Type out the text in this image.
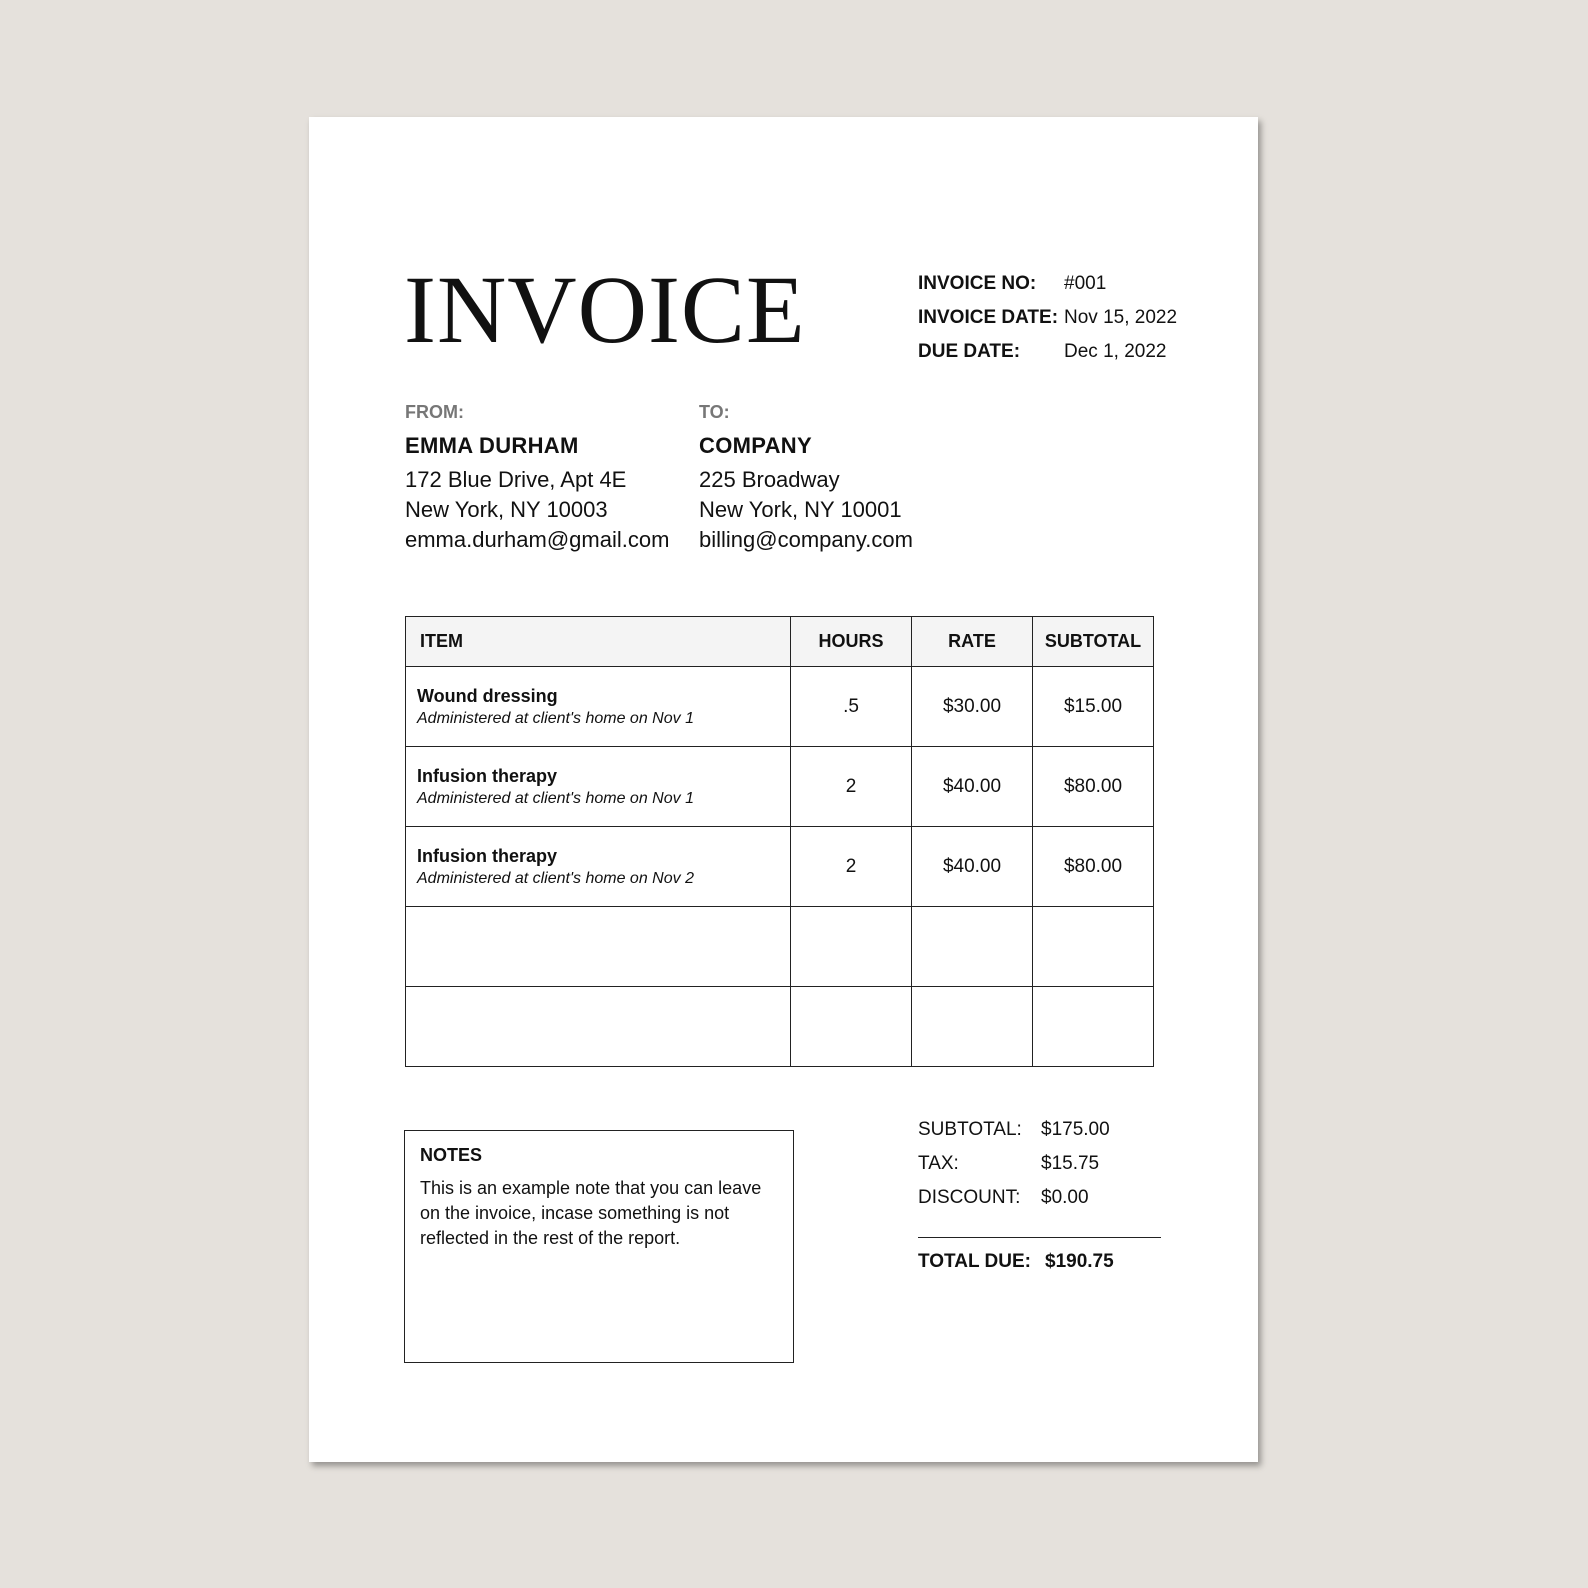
INVOICE	INVOICE NO:	#001
INVOICE DATE: Nov 15, 2022
DUE DATE:	Dec 1, 2022
FROM:
EMMA DURHAM
172 Blue Drive, Apt 4E
New York, NY 10003
emma.durham@gmail.com
TO:
COMPANY
225 Broadway
New York, NY 10001
billing@company.com
ITEM	HOURS	RATE	SUBTOTAL

Wound dressing
Administered at client's home on Nov 1	.5	$30.00	$15.00

Infusion therapy
Administered at client's home on Nov 1	2	$40.00	$80.00

Infusion therapy
Administered at client's home on Nov 2	2	$40.00	$80.00

NOTES
This is an example note that you can leave on the invoice, incase something is not reflected in the rest of the report.
SUBTOTAL:	$175.00
TAX:	$15.75
DISCOUNT:	$0.00
TOTAL DUE: $190.75
